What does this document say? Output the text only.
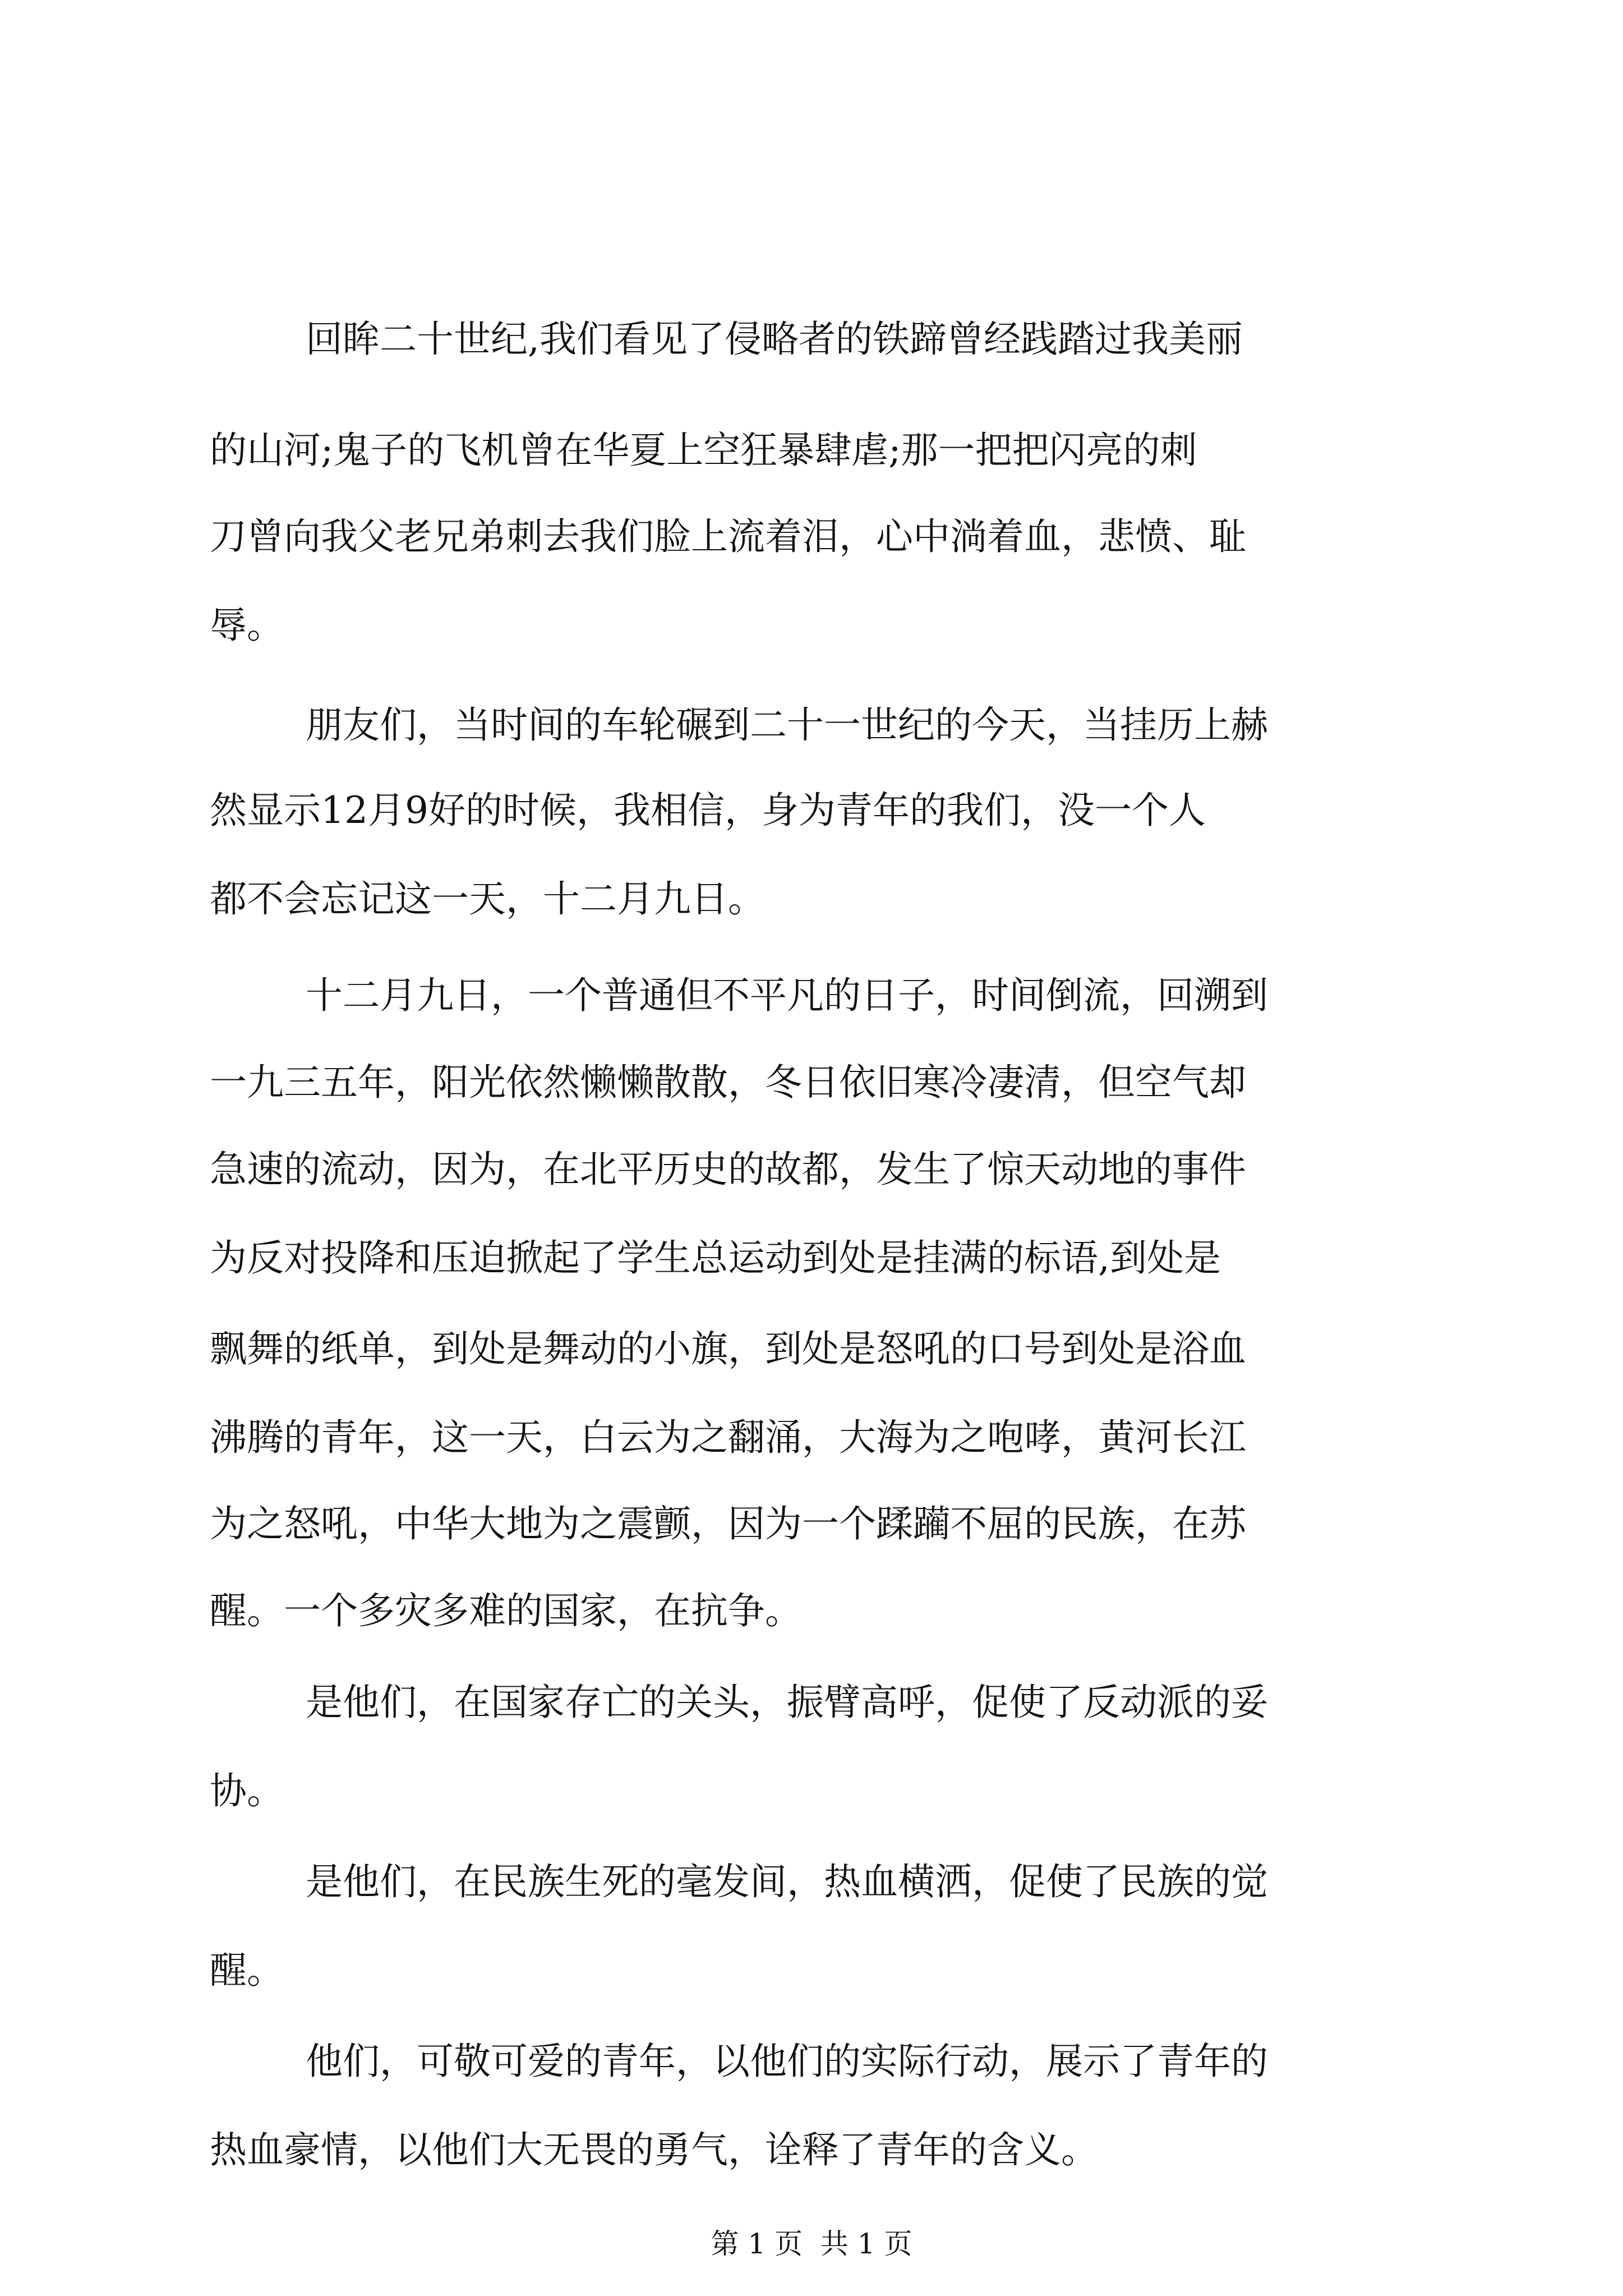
回眸二十世纪,我们看见了侵略者的铁蹄曾经践踏过我美丽
的山河;鬼子的飞机曾在华夏上空狂暴肆虐;那一把把闪亮的刺
刀曾向我父老兄弟刺去我们脸上流着泪，心中淌着血，悲愤、耻
辱。
朋友们，当时间的车轮碾到二十一世纪的今天，当挂历上赫
然显示12月9好的时候，我相信，身为青年的我们，没一个人
都不会忘记这一天，十二月九日。
十二月九日，一个普通但不平凡的日子，时间倒流，回溯到
一九三五年，阳光依然懒懒散散，冬日依旧寒冷凄清，但空气却
急速的流动，因为，在北平历史的故都，发生了惊天动地的事件
为反对投降和压迫掀起了学生总运动到处是挂满的标语,到处是
飘舞的纸单，到处是舞动的小旗，到处是怒吼的口号到处是浴血
沸腾的青年，这一天，白云为之翻涌，大海为之咆哮，黄河长江
为之怒吼，中华大地为之震颤，因为一个蹂躏不屈的民族，在苏
醒。一个多灾多难的国家，在抗争。
是他们，在国家存亡的关头，振臂高呼，促使了反动派的妥
协。
是他们，在民族生死的毫发间，热血横洒，促使了民族的觉
醒。
他们，可敬可爱的青年，以他们的实际行动，展示了青年的
热血豪情，以他们大无畏的勇气，诠释了青年的含义。
第 1 页  共 1 页
